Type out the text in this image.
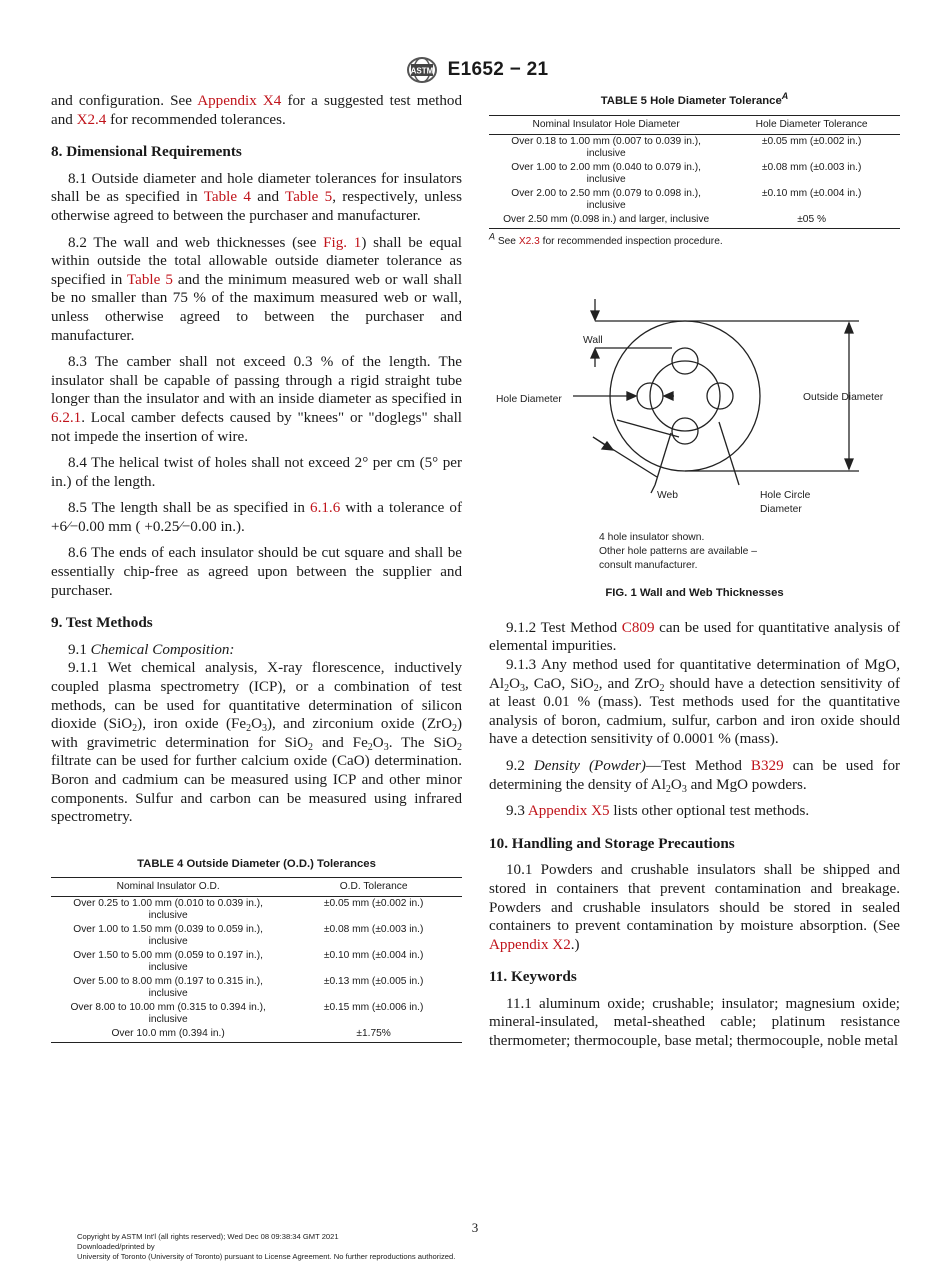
ASTM E1652 − 21

and configuration. See Appendix X4 for a suggested test method and X2.4 for recommended tolerances.

8. Dimensional Requirements

8.1 Outside diameter and hole diameter tolerances for insulators shall be as specified in Table 4 and Table 5, respectively, unless otherwise agreed to between the purchaser and manufacturer.

8.2 The wall and web thicknesses (see Fig. 1) shall be equal within outside the total allowable outside diameter tolerance as specified in Table 5 and the minimum measured web or wall shall be no smaller than 75 % of the maximum measured web or wall, unless otherwise agreed to between the purchaser and manufacturer.

8.3 The camber shall not exceed 0.3 % of the length. The insulator shall be capable of passing through a rigid straight tube longer than the insulator and with an inside diameter as specified in 6.2.1. Local camber defects caused by "knees" or "doglegs" shall not impede the insertion of wire.

8.4 The helical twist of holes shall not exceed 2° per cm (5° per in.) of the length.

8.5 The length shall be as specified in 6.1.6 with a tolerance of +6⁄−0.00 mm ( +0.25⁄−0.00 in.).

8.6 The ends of each insulator should be cut square and shall be essentially chip-free as agreed upon between the supplier and purchaser.

9. Test Methods

9.1 Chemical Composition:

9.1.1 Wet chemical analysis, X-ray florescence, inductively coupled plasma spectrometry (ICP), or a combination of test methods, can be used for quantitative determination of silicon dioxide (SiO$_2$), iron oxide $(Fe_2O_3)$, and zirconium oxide (ZrO$_2$) with gravimetric determination for SiO$_2$ and $Fe_2O_3$. The SiO$_2$ filtrate can be used for further calcium oxide (CaO) determination. Boron and cadmium can be measured using ICP and other minor components. Sulfur and carbon can be measured using infrared spectrometry.

TABLE 4 Outside Diameter (O.D.) Tolerances
Nominal Insulator O.D.	O.D. Tolerance
Over 0.25 to 1.00 mm (0.010 to 0.039 in.), inclusive	±0.05 mm (±0.002 in.)
Over 1.00 to 1.50 mm (0.039 to 0.059 in.), inclusive	±0.08 mm (±0.003 in.)
Over 1.50 to 5.00 mm (0.059 to 0.197 in.), inclusive	±0.10 mm (±0.004 in.)
Over 5.00 to 8.00 mm (0.197 to 0.315 in.), inclusive	±0.13 mm (±0.005 in.)
Over 8.00 to 10.00 mm (0.315 to 0.394 in.), inclusive	±0.15 mm (±0.006 in.)
Over 10.0 mm (0.394 in.)	±1.75%
TABLE 5 Hole Diameter Tolerance$^A$
Nominal Insulator Hole Diameter	Hole Diameter Tolerance
Over 0.18 to 1.00 mm (0.007 to 0.039 in.), inclusive	±0.05 mm (±0.002 in.)
Over 1.00 to 2.00 mm (0.040 to 0.079 in.), inclusive	±0.08 mm (±0.003 in.)
Over 2.00 to 2.50 mm (0.079 to 0.098 in.), inclusive	±0.10 mm (±0.004 in.)
Over 2.50 mm (0.098 in.) and larger, inclusive	±05 %
$^A$ See X2.3 for recommended inspection procedure.
Wall
Hole Diameter	Outside Diameter
Web	Hole Circle
Diameter
4 hole insulator shown.
Other hole patterns are available –
consult manufacturer.
FIG. 1 Wall and Web Thicknesses

9.1.2 Test Method C809 can be used for quantitative analysis of elemental impurities.

9.1.3 Any method used for quantitative determination of MgO, $Al_2O_3$, CaO, SiO$_2$, and ZrO$_2$ should have a detection sensitivity of at least 0.01 % (mass). Test methods used for the quantitative analysis of boron, cadmium, sulfur, carbon and iron oxide should have a detection sensitivity of 0.0001 % (mass).

9.2 Density (Powder)—Test Method B329 can be used for determining the density of $Al_2O_3$ and MgO powders.

9.3 Appendix X5 lists other optional test methods.

10. Handling and Storage Precautions

10.1 Powders and crushable insulators shall be shipped and stored in containers that prevent contamination and breakage. Powders and crushable insulators should be stored in sealed containers to prevent contamination by moisture absorption. (See Appendix X2.)

11. Keywords

11.1 aluminum oxide; crushable; insulator; magnesium oxide; mineral-insulated, metal-sheathed cable; platinum resistance thermometer; thermocouple, base metal; thermocouple, noble metal

3
Copyright by ASTM Int'l (all rights reserved); Wed Dec 08 09:38:34 GMT 2021
Downloaded/printed by
University of Toronto (University of Toronto) pursuant to License Agreement. No further reproductions authorized.
